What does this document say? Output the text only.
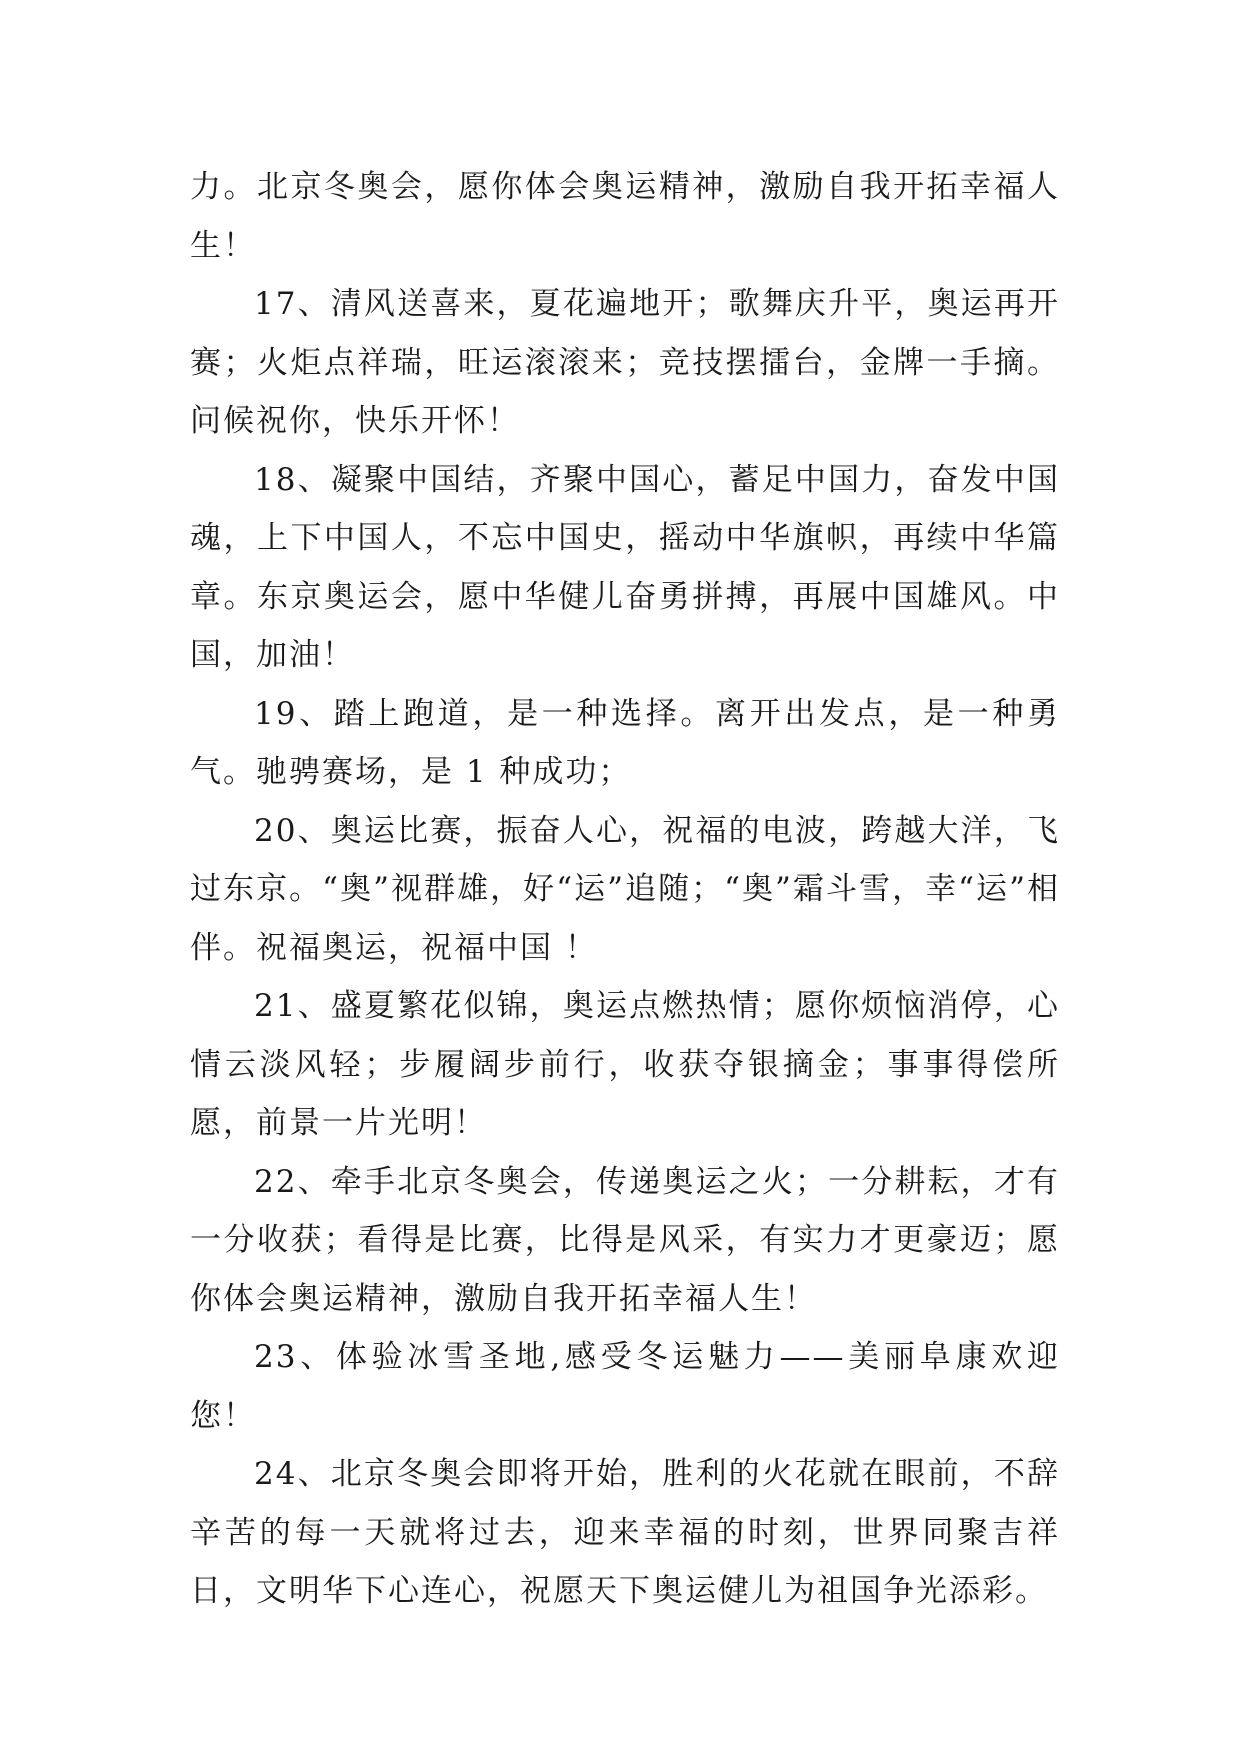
力。北京冬奥会，愿你体会奥运精神，激励自我开拓幸福人生！

17、清风送喜来，夏花遍地开；歌舞庆升平，奥运再开赛；火炬点祥瑞，旺运滚滚来；竞技摆擂台，金牌一手摘。问候祝你，快乐开怀！

18、凝聚中国结，齐聚中国心，蓄足中国力，奋发中国魂，上下中国人，不忘中国史，摇动中华旗帜，再续中华篇章。东京奥运会，愿中华健儿奋勇拼搏，再展中国雄风。中国，加油！

19、踏上跑道，是一种选择。离开出发点，是一种勇气。驰骋赛场，是 1 种成功；

20、奥运比赛，振奋人心，祝福的电波，跨越大洋，飞过东京。“奥”视群雄，好“运”追随；“奥”霜斗雪，幸“运”相伴。祝福奥运，祝福中国 ！

21、盛夏繁花似锦，奥运点燃热情；愿你烦恼消停，心情云淡风轻；步履阔步前行，收获夺银摘金；事事得偿所愿，前景一片光明！

22、牵手北京冬奥会，传递奥运之火；一分耕耘，才有一分收获；看得是比赛，比得是风采，有实力才更豪迈；愿你体会奥运精神，激励自我开拓幸福人生！

23、体验冰雪圣地,感受冬运魅力——美丽阜康欢迎您！

24、北京冬奥会即将开始，胜利的火花就在眼前，不辞辛苦的每一天就将过去，迎来幸福的时刻，世界同聚吉祥日，文明华下心连心，祝愿天下奥运健儿为祖国争光添彩。
